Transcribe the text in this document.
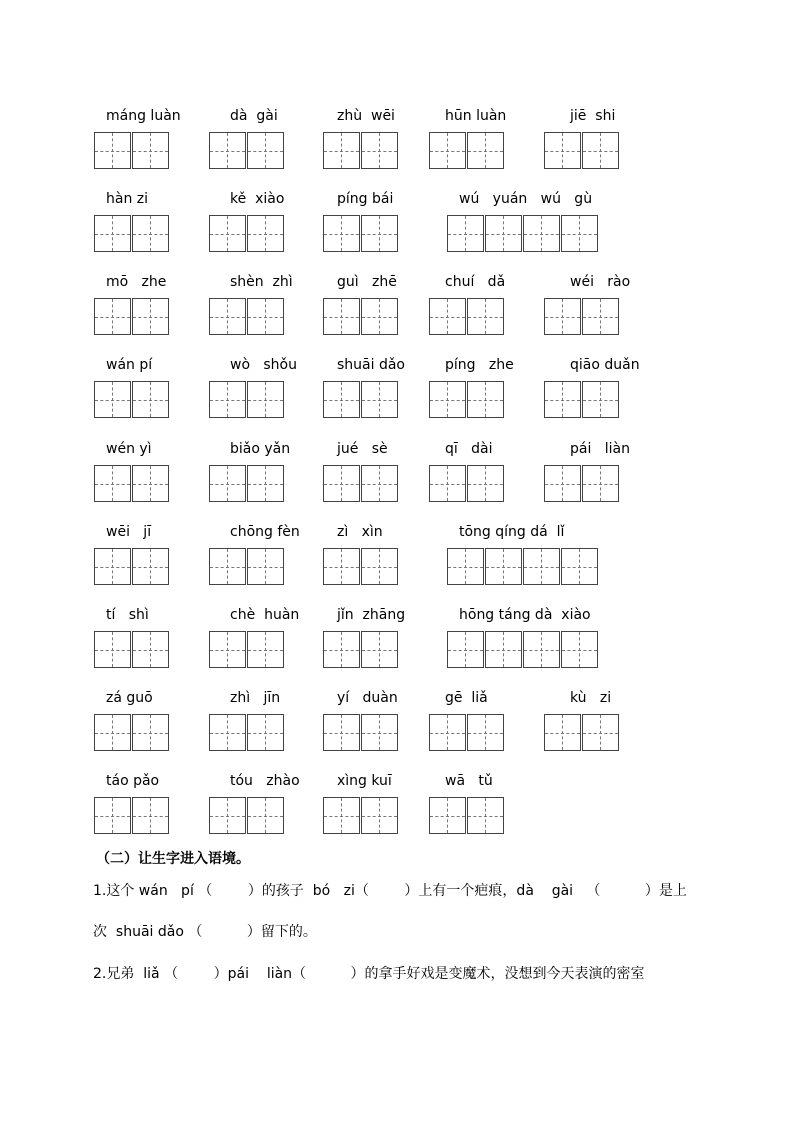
máng luàn	dà  gài	zhù  wēi	hūn luàn	jiē  shi
hàn zi	kě  xiào	píng bái	wú   yuán   wú   gù
mō   zhe	shèn  zhì	guì   zhē	chuí   dǎ	wéi   rào
wán pí	wò   shǒu	shuāi dǎo	píng   zhe	qiāo duǎn
wén yì	biǎo yǎn	jué   sè	qī   dài	pái   liàn
wēi   jī	chōng fèn	zì   xìn	tōng qíng dá  lǐ
tí   shì	chè  huàn	jǐn  zhāng	hōng táng dà  xiào
zá guō	zhì   jīn	yí   duàn	gē  liǎ	kù   zi
táo pǎo	tóu   zhào	xìng kuī	wā   tǔ
（二）让生字进入语境。
1.这个 wán   pí （        ）的孩子  bó   zi（        ）上有一个疤痕，dà    gài   （          ）是上
次  shuāi dǎo （          ）留下的。
2.兄弟  liǎ （        ）pái    liàn（          ）的拿手好戏是变魔术，没想到今天表演的密室
